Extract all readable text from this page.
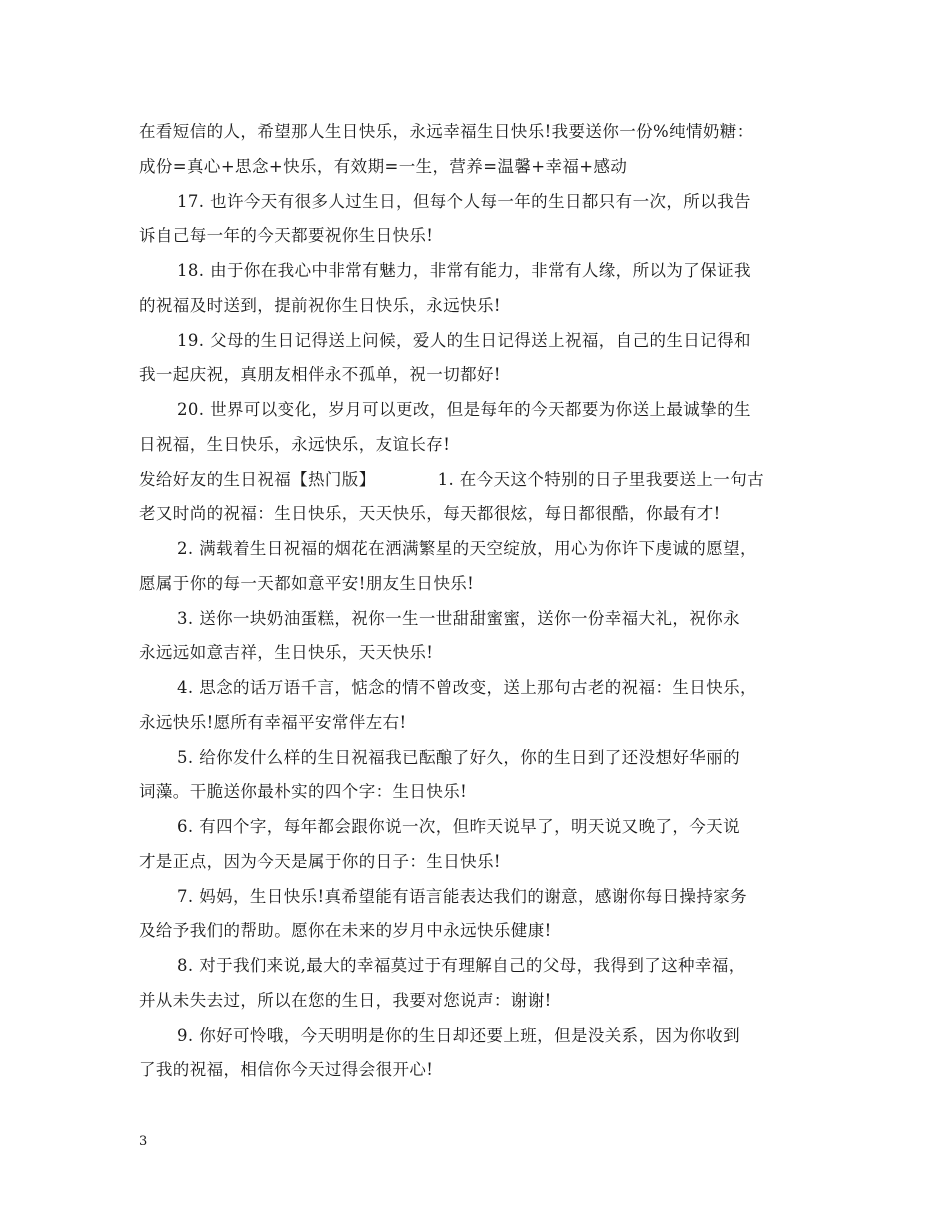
在看短信的人，希望那人生日快乐，永远幸福生日快乐!我要送你一份%纯情奶糖：
成份=真心+思念+快乐，有效期=一生，营养=温馨+幸福+感动
17. 也许今天有很多人过生日，但每个人每一年的生日都只有一次，所以我告
诉自己每一年的今天都要祝你生日快乐!
18. 由于你在我心中非常有魅力，非常有能力，非常有人缘，所以为了保证我
的祝福及时送到，提前祝你生日快乐，永远快乐!
19. 父母的生日记得送上问候，爱人的生日记得送上祝福，自己的生日记得和
我一起庆祝，真朋友相伴永不孤单，祝一切都好!
20. 世界可以变化，岁月可以更改，但是每年的今天都要为你送上最诚挚的生
日祝福，生日快乐，永远快乐，友谊长存!
发给好友的生日祝福【热门版】	1. 在今天这个特别的日子里我要送上一句古
老又时尚的祝福：生日快乐，天天快乐，每天都很炫，每日都很酷，你最有才!
2. 满载着生日祝福的烟花在洒满繁星的天空绽放，用心为你许下虔诚的愿望，
愿属于你的每一天都如意平安!朋友生日快乐!
3. 送你一块奶油蛋糕，祝你一生一世甜甜蜜蜜，送你一份幸福大礼，祝你永
永远远如意吉祥，生日快乐，天天快乐!
4. 思念的话万语千言，惦念的情不曾改变，送上那句古老的祝福：生日快乐，
永远快乐!愿所有幸福平安常伴左右!
5. 给你发什么样的生日祝福我已酝酿了好久，你的生日到了还没想好华丽的
词藻。干脆送你最朴实的四个字：生日快乐!
6. 有四个字，每年都会跟你说一次，但昨天说早了，明天说又晚了，今天说
才是正点，因为今天是属于你的日子：生日快乐!
7. 妈妈，生日快乐!真希望能有语言能表达我们的谢意，感谢你每日操持家务
及给予我们的帮助。愿你在未来的岁月中永远快乐健康!
8. 对于我们来说,最大的幸福莫过于有理解自己的父母，我得到了这种幸福，
并从未失去过，所以在您的生日，我要对您说声：谢谢!
9. 你好可怜哦，今天明明是你的生日却还要上班，但是没关系，因为你收到
了我的祝福，相信你今天过得会很开心!
3
